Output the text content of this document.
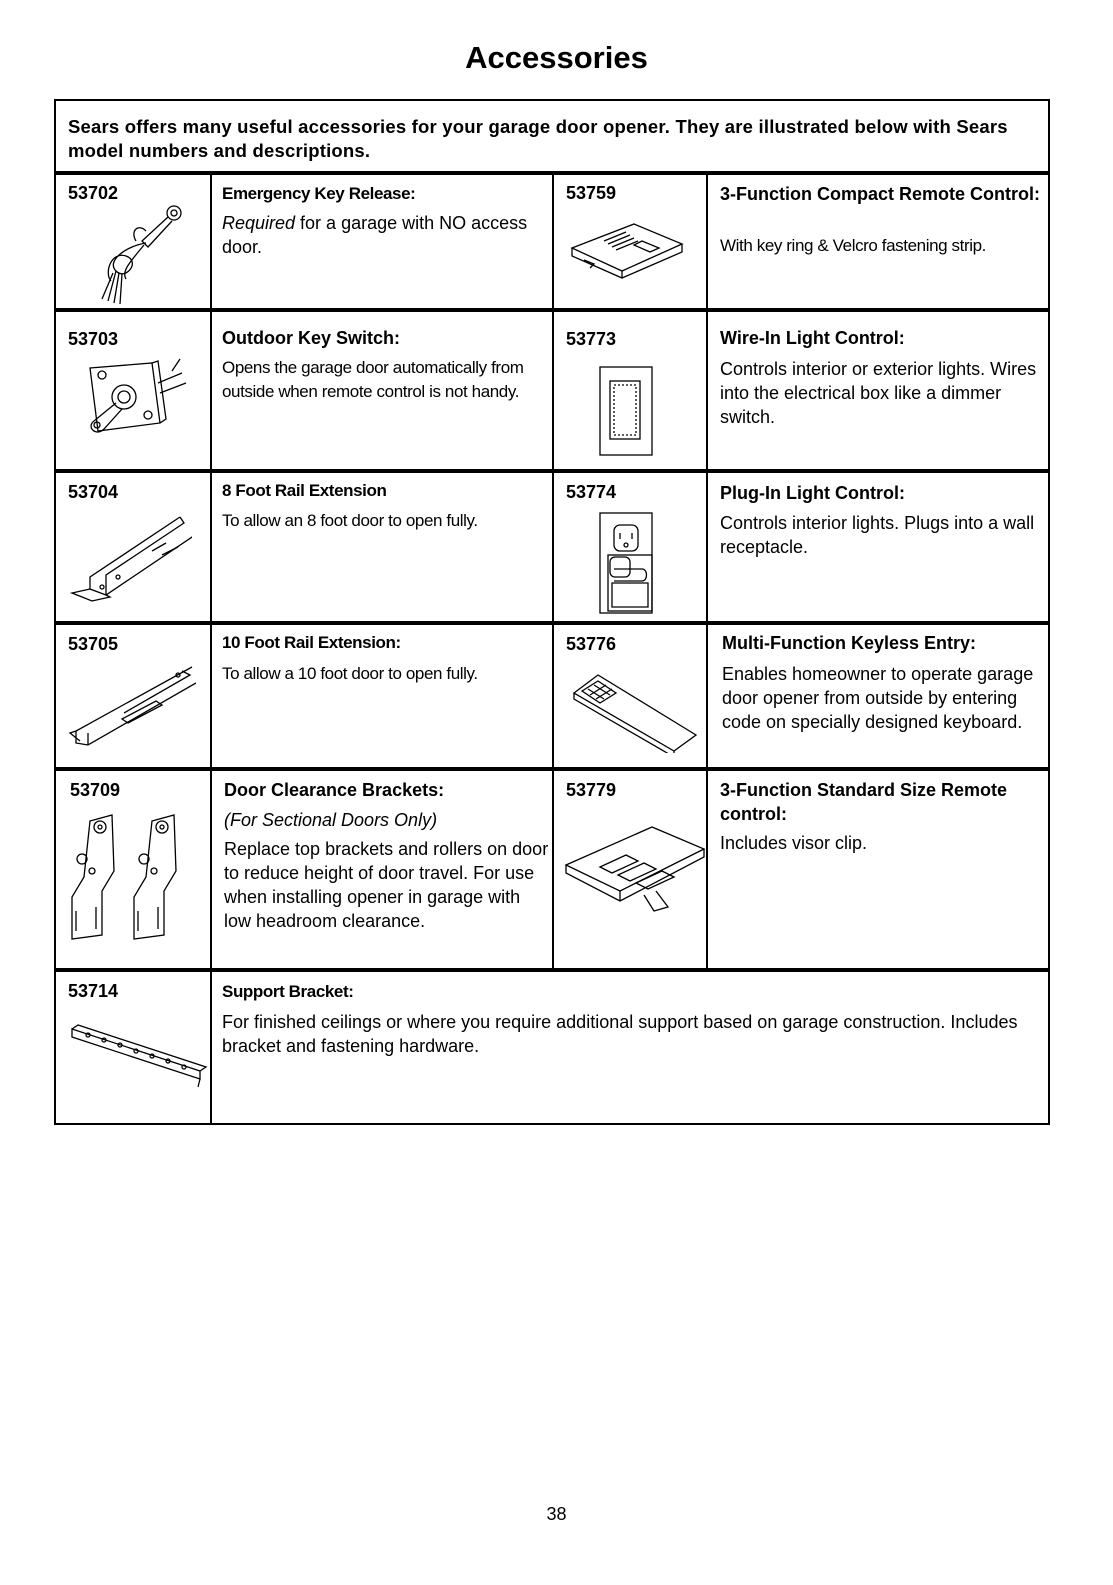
Accessories
Sears offers many useful accessories for your garage door opener. They are illustrated below with Sears model numbers and descriptions.
53702	Emergency Key Release:
Required for a garage with NO access door.
53759	3-Function Compact Remote Control:
With key ring & Velcro fastening strip.
53703	Outdoor Key Switch:
Opens the garage door automatically from outside when remote control is not handy.
53773	Wire-In Light Control:
Controls interior or exterior lights. Wires into the electrical box like a dimmer switch.
53704	8 Foot Rail Extension
To allow an 8 foot door to open fully.
53774	Plug-In Light Control:
Controls interior lights. Plugs into a wall receptacle.
53705	10 Foot Rail Extension:
To allow a 10 foot door to open fully.
53776	Multi-Function Keyless Entry:
Enables homeowner to operate garage door opener from outside by entering code on specially designed keyboard.
53709	Door Clearance Brackets:
(For Sectional Doors Only)
Replace top brackets and rollers on door to reduce height of door travel. For use when installing opener in garage with low headroom clearance.
53779	3-Function Standard Size Remote control:
Includes visor clip.
53714	Support Bracket:
For finished ceilings or where you require additional support based on garage construction. Includes bracket and fastening hardware.
38
